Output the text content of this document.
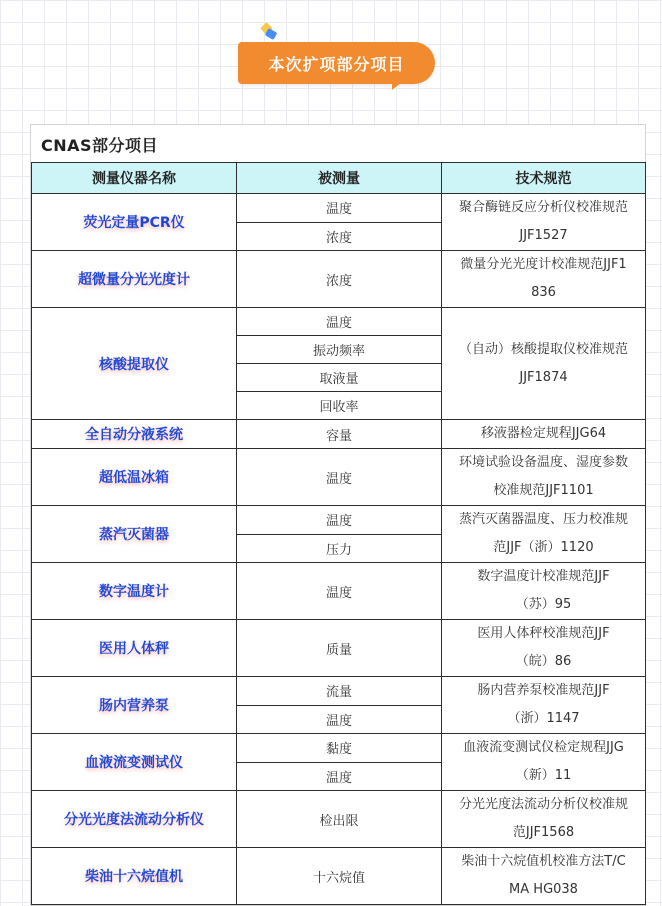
本次扩项部分项目
CNAS部分项目
测量仪器名称	被测量	技术规范
荧光定量PCR仪	温度	聚合酶链反应分析仪校准规范
JJF1527

	浓度	
超微量分光光度计	浓度	微量分光光度计校准规范JJF1
836

核酸提取仪	温度	（自动）核酸提取仪校准规范
JJF1874

	振动频率	
	取液量	
	回收率	
全自动分液系统	容量	移液器检定规程JJG64

超低温冰箱	温度	环境试验设备温度、湿度参数
校准规范JJF1101

蒸汽灭菌器	温度	蒸汽灭菌器温度、压力校准规
范JJF（浙）1120

	压力	
数字温度计	温度	数字温度计校准规范JJF
（苏）95

医用人体秤	质量	医用人体秤校准规范JJF
（皖）86

肠内营养泵	流量	肠内营养泵校准规范JJF
（浙）1147

	温度	
血液流变测试仪	黏度	血液流变测试仪检定规程JJG
（新）11

	温度	
分光光度法流动分析仪	检出限	分光光度法流动分析仪校准规
范JJF1568

柴油十六烷值机	十六烷值	柴油十六烷值机校准方法T/C
MA HG038
